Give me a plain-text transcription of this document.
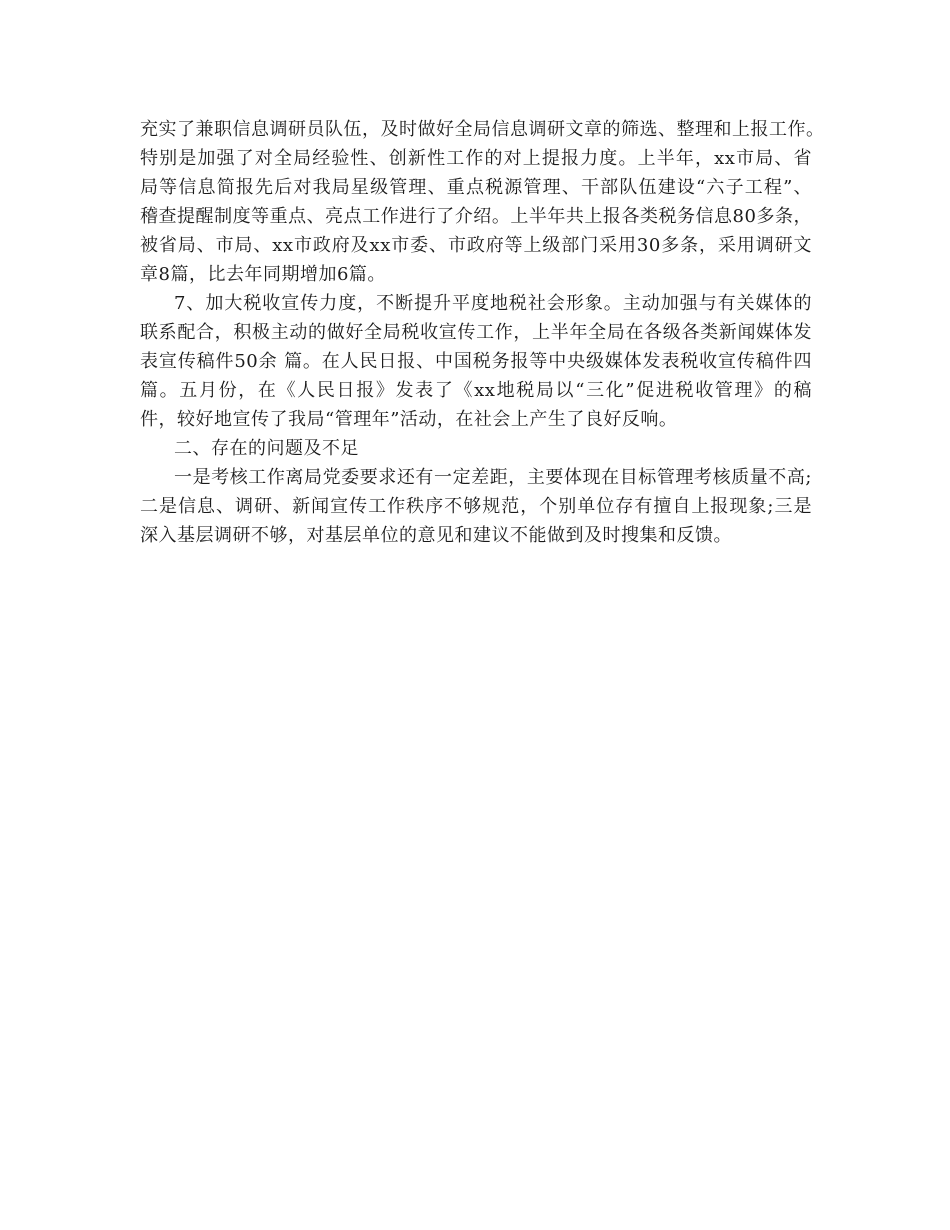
充实了兼职信息调研员队伍，及时做好全局信息调研文章的筛选、整理和上报工作。
特别是加强了对全局经验性、创新性工作的对上提报力度。上半年，xx市局、省
局等信息简报先后对我局星级管理、重点税源管理、干部队伍建设“六子工程”、
稽查提醒制度等重点、亮点工作进行了介绍。上半年共上报各类税务信息80多条，
被省局、市局、xx市政府及xx市委、市政府等上级部门采用30多条，采用调研文
章8篇，比去年同期增加6篇。
7、加大税收宣传力度，不断提升平度地税社会形象。主动加强与有关媒体的
联系配合，积极主动的做好全局税收宣传工作，上半年全局在各级各类新闻媒体发
表宣传稿件50余 篇。在人民日报、中国税务报等中央级媒体发表税收宣传稿件四
篇。五月份，在《人民日报》发表了《xx地税局以“三化”促进税收管理》的稿
件，较好地宣传了我局“管理年”活动，在社会上产生了良好反响。
二、存在的问题及不足
一是考核工作离局党委要求还有一定差距，主要体现在目标管理考核质量不高;
二是信息、调研、新闻宣传工作秩序不够规范，个别单位存有擅自上报现象;三是
深入基层调研不够，对基层单位的意见和建议不能做到及时搜集和反馈。
